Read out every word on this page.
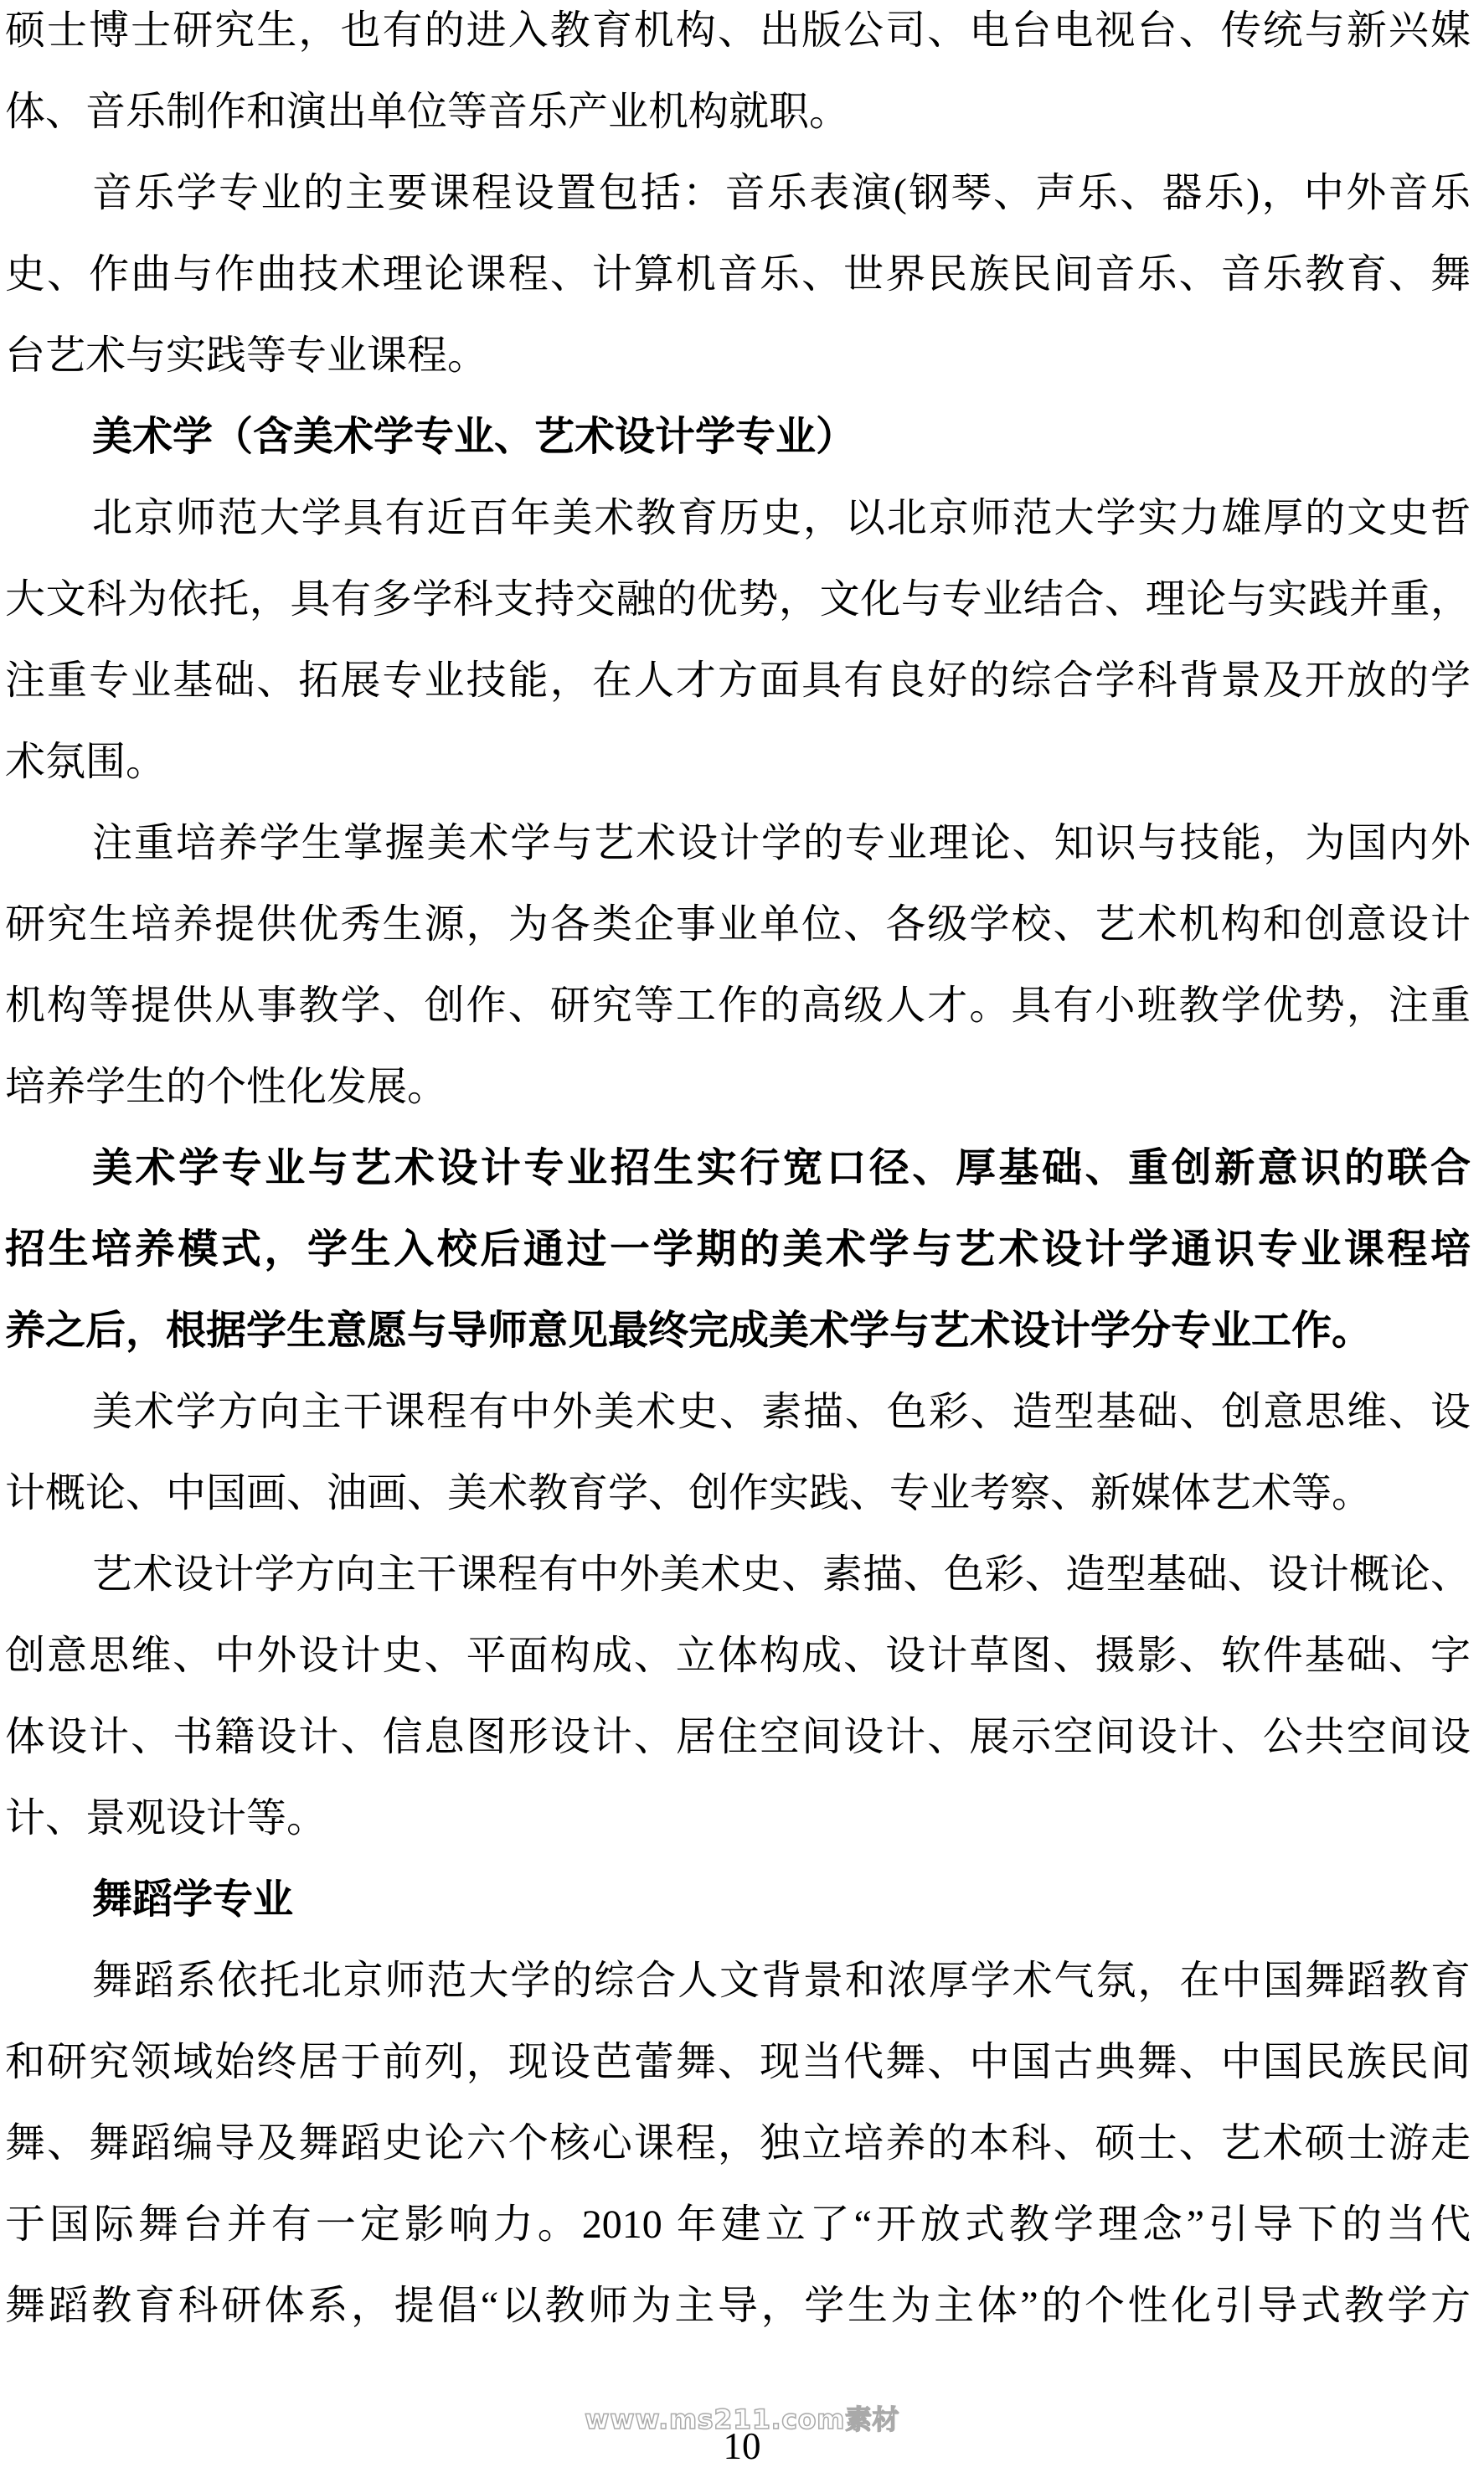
硕士博士研究生，也有的进入教育机构、出版公司、电台电视台、传统与新兴媒
体、音乐制作和演出单位等音乐产业机构就职。
音乐学专业的主要课程设置包括：音乐表演(钢琴、声乐、器乐)，中外音乐
史、作曲与作曲技术理论课程、计算机音乐、世界民族民间音乐、音乐教育、舞
台艺术与实践等专业课程。
美术学（含美术学专业、艺术设计学专业）
北京师范大学具有近百年美术教育历史，以北京师范大学实力雄厚的文史哲
大文科为依托，具有多学科支持交融的优势，文化与专业结合、理论与实践并重，
注重专业基础、拓展专业技能，在人才方面具有良好的综合学科背景及开放的学
术氛围。
注重培养学生掌握美术学与艺术设计学的专业理论、知识与技能，为国内外
研究生培养提供优秀生源，为各类企事业单位、各级学校、艺术机构和创意设计
机构等提供从事教学、创作、研究等工作的高级人才。具有小班教学优势，注重
培养学生的个性化发展。
美术学专业与艺术设计专业招生实行宽口径、厚基础、重创新意识的联合
招生培养模式，学生入校后通过一学期的美术学与艺术设计学通识专业课程培
养之后，根据学生意愿与导师意见最终完成美术学与艺术设计学分专业工作。
美术学方向主干课程有中外美术史、素描、色彩、造型基础、创意思维、设
计概论、中国画、油画、美术教育学、创作实践、专业考察、新媒体艺术等。
艺术设计学方向主干课程有中外美术史、素描、色彩、造型基础、设计概论、
创意思维、中外设计史、平面构成、立体构成、设计草图、摄影、软件基础、字
体设计、书籍设计、信息图形设计、居住空间设计、展示空间设计、公共空间设
计、景观设计等。
舞蹈学专业
舞蹈系依托北京师范大学的综合人文背景和浓厚学术气氛，在中国舞蹈教育
和研究领域始终居于前列，现设芭蕾舞、现当代舞、中国古典舞、中国民族民间
舞、舞蹈编导及舞蹈史论六个核心课程，独立培养的本科、硕士、艺术硕士游走
于国际舞台并有一定影响力。2010 年建立了“开放式教学理念”引导下的当代
舞蹈教育科研体系，提倡“以教师为主导，学生为主体”的个性化引导式教学方
www.ms211.com素材
10
